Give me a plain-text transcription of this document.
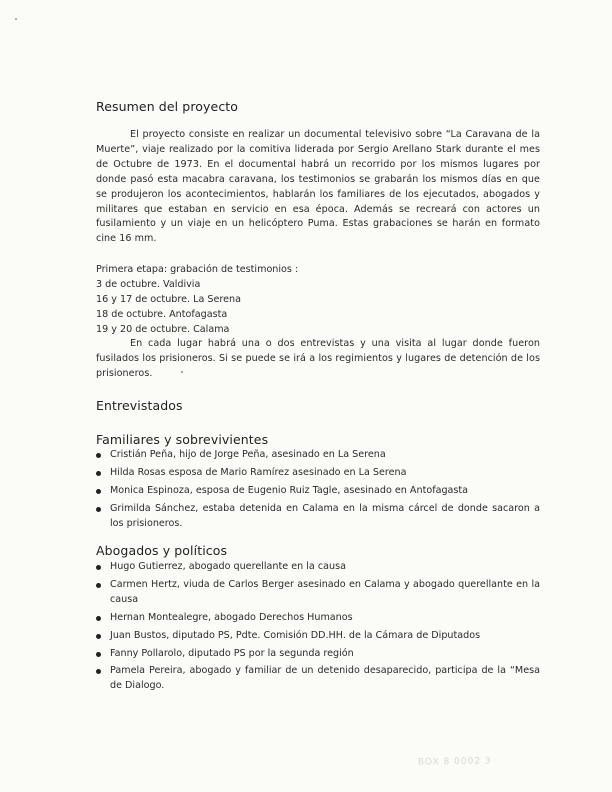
Resumen del proyecto
El proyecto consiste en realizar un documental televisivo sobre “La Caravana de la Muerte”, viaje realizado por la comitiva liderada por Sergio Arellano Stark durante el mes de Octubre de 1973. En el documental habrá un recorrido por los mismos lugares por donde pasó esta macabra caravana, los testimonios se grabarán los mismos días en que se produjeron los acontecimientos, hablarán los familiares de los ejecutados, abogados y militares que estaban en servicio en esa época. Además se recreará con actores un fusilamiento y un viaje en un helicóptero Puma. Estas grabaciones se harán en formato cine 16 mm.
Primera etapa: grabación de testimonios :
3 de octubre. Valdivia
16 y 17 de octubre. La Serena
18 de octubre. Antofagasta
19 y 20 de octubre. Calama
En cada lugar habrá una o dos entrevistas y una visita al lugar donde fueron fusilados los prisioneros. Si se puede se irá a los regimientos y lugares de detención de los prisioneros.
Entrevistados
Familiares y sobrevivientes
Cristián Peña, hijo de Jorge Peña, asesinado en La Serena
Hilda Rosas esposa de Mario Ramírez asesinado en La Serena
Monica Espinoza, esposa de Eugenio Ruiz Tagle, asesinado en Antofagasta
Grimilda Sánchez, estaba detenida en Calama en la misma cárcel de donde sacaron a los prisioneros.
Abogados y políticos
Hugo Gutierrez, abogado querellante en la causa
Carmen Hertz, viuda de Carlos Berger asesinado en Calama y abogado querellante en la causa
Hernan Montealegre, abogado Derechos Humanos
Juan Bustos, diputado PS, Pdte. Comisión DD.HH. de la Cámara de Diputados
Fanny Pollarolo, diputado PS por la segunda región
Pamela Pereira, abogado y familiar de un detenido desaparecido, participa de la “Mesa de Dialogo.
BOX 8 0002 3
